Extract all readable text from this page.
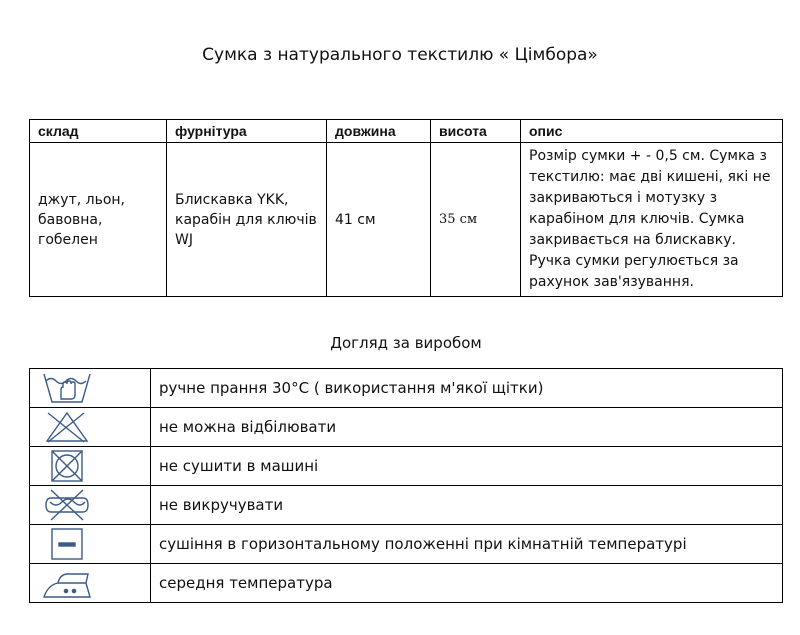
Сумка з натурального текстилю « Цімбора»
склад	фурнітура	довжина	висота	опис
джут, льон, бавовна, гобелен	Блискавка YKK, карабін для ключів WJ	41 см	35 см	Розмір сумки + - 0,5 см. Сумка з текстилю: має дві кишені, які не закриваються і мотузку з карабіном для ключів. Сумка закривається на блискавку. Ручка сумки регулюється за рахунок зав'язування.
Догляд за виробом
	ручне прання 30°C ( використання м'якої щітки)

	не можна відбілювати

	не сушити в машині

	не викручувати

	сушіння в горизонтальному положенні при кімнатній температурі

	середня температура
